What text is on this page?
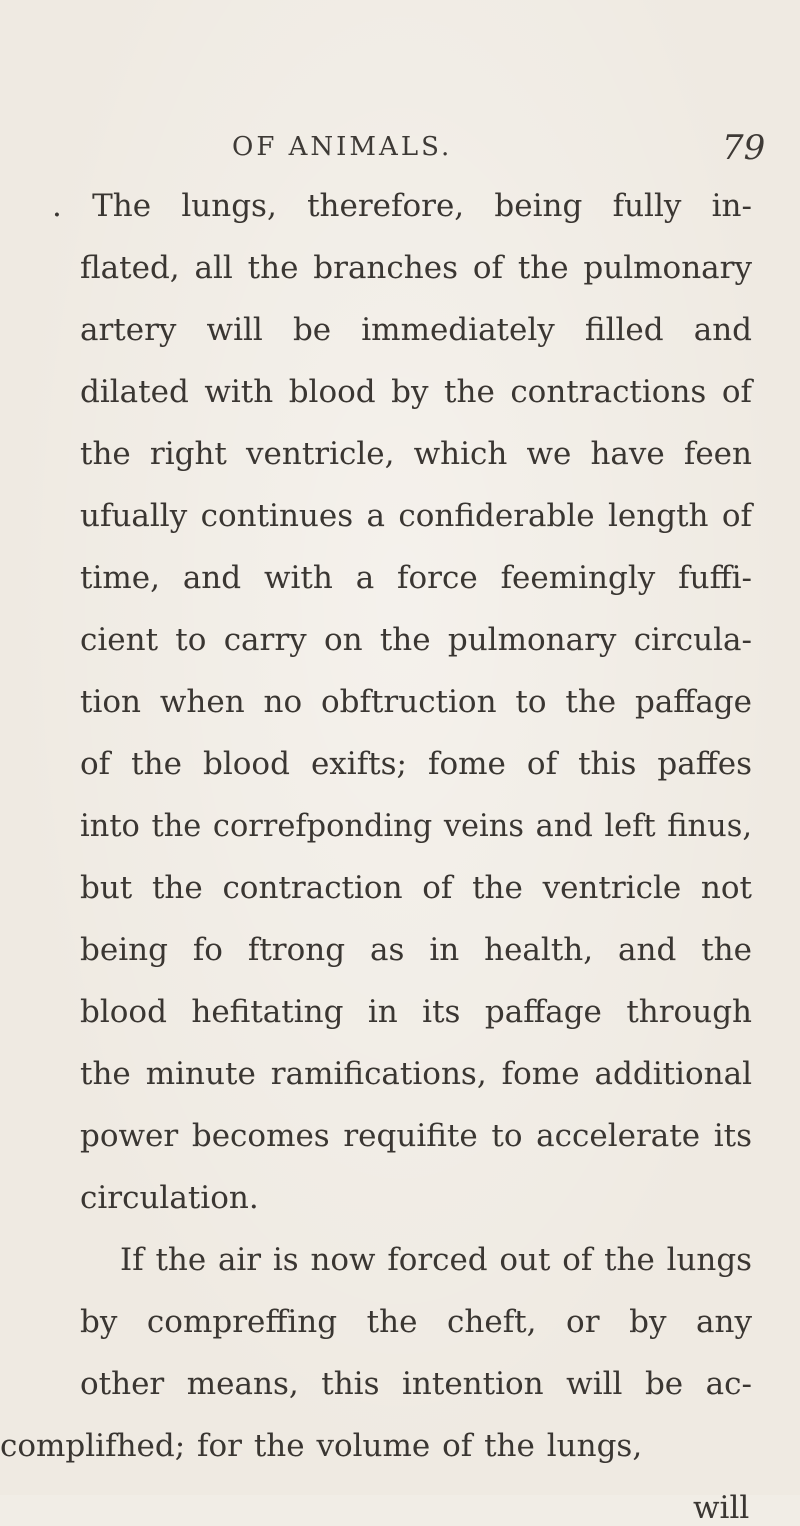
OF ANIMALS.	79
. The lungs, therefore, being fully in-
flated, all the branches of the pulmonary
artery will be immediately filled and
dilated with blood by the contractions of
the right ventricle, which we have feen
ufually continues a confiderable length of
time, and with a force feemingly fuffi-
cient to carry on the pulmonary circula-
tion when no obftruction to the paffage
of the blood exifts; fome of this paffes
into the correfponding veins and left finus,
but the contraction of the ventricle not
being fo ftrong as in health, and the
blood hefitating in its paffage through
the minute ramifications, fome additional
power becomes requifite to accelerate its
circulation.
If the air is now forced out of the lungs
by compreffing the cheft, or by any
other means, this intention will be ac-
complifhed; for the volume of the lungs,
will
